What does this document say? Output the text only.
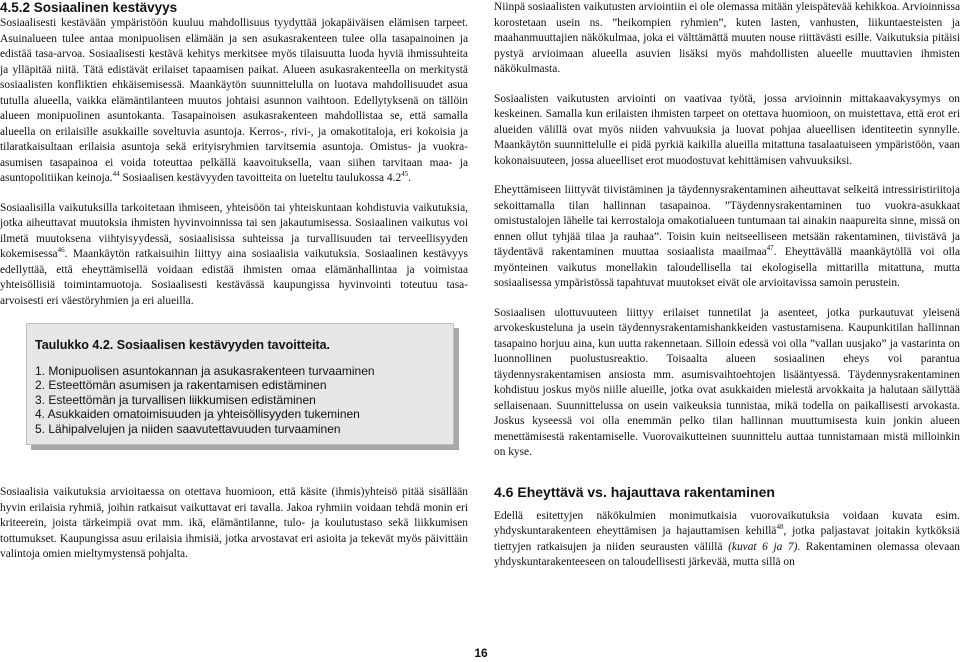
4.5.2 Sosiaalinen kestävyys

Sosiaalisesti kestävään ympäristöön kuuluu mahdollisuus tyydyttää jokapäiväisen elämisen tarpeet. Asuinalueen tulee antaa monipuolisen elämään ja sen asukasrakenteen tulee olla tasapainoinen ja edistää tasa-arvoa. Sosiaalisesti kestävä kehitys merkitsee myös tilaisuutta luoda hyviä ihmissuhteita ja ylläpitää niitä. Tätä edistävät erilaiset tapaamisen paikat. Alueen asukasrakenteella on merkitystä sosiaalisten konfliktien ehkäisemisessä. Maankäytön suunnittelulla on luotava mahdollisuudet asua tutulla alueella, vaikka elämäntilanteen muutos johtaisi asunnon vaihtoon. Edellytyksenä on tällöin alueen monipuolinen asuntokanta. Tasapainoisen asukasrakenteen mahdollistaa se, että samalla alueella on erilaisille asukkaille soveltuvia asuntoja. Kerros-, rivi-, ja omakotitaloja, eri kokoisia ja tilaratkaisultaan erilaisia asuntoja sekä erityisryhmien tarvitsemia asuntoja. Omistus- ja vuokra-asumisen tasapainoa ei voida toteuttaa pelkällä kaavoituksella, vaan siihen tarvitaan maa- ja asuntopolitiikan keinoja.$^{44}$ Sosiaalisen kestävyyden tavoitteita on lueteltu taulukossa $4.2^{45}$.

Sosiaalisilla vaikutuksilla tarkoitetaan ihmiseen, yhteisöön tai yhteiskuntaan kohdistuvia vaikutuksia, jotka aiheuttavat muutoksia ihmisten hyvinvoinnissa tai sen jakautumisessa. Sosiaalinen vaikutus voi ilmetä muutoksena viihtyisyydessä, sosiaalisissa suhteissa ja turvallisuuden tai terveellisyyden kokemisessa$^{46}$. Maankäytön ratkaisuihin liittyy aina sosiaalisia vaikutuksia. Sosiaalinen kestävyys edellyttää, että eheyttämisellä voidaan edistää ihmisten omaa elämänhallintaa ja voimistaa yhteisöllisiä toimintamuotoja. Sosiaalisesti kestävässä kaupungissa hyvinvointi toteutuu tasa-arvoisesti eri väestöryhmien ja eri alueilla.

Taulukko 4.2. Sosiaalisen kestävyyden tavoitteita.
1. Monipuolisen asuntokannan ja asukasrakenteen turvaaminen
2. Esteettömän asumisen ja rakentamisen edistäminen
3. Esteettömän ja turvallisen liikkumisen edistäminen
4. Asukkaiden omatoimisuuden ja yhteisöllisyyden tukeminen
5. Lähipalvelujen ja niiden saavutettavuuden turvaaminen

Sosiaalisia vaikutuksia arvioitaessa on otettava huomioon, että käsite (ihmis)yhteisö pitää sisällään hyvin erilaisia ryhmiä, joihin ratkaisut vaikuttavat eri tavalla. Jakoa ryhmiin voidaan tehdä monin eri kriteerein, joista tärkeimpiä ovat mm. ikä, elämäntilanne, tulo- ja koulutustaso sekä liikkumisen tottumukset. Kaupungissa asuu erilaisia ihmisiä, jotka arvostavat eri asioita ja tekevät myös päivittäin valintoja omien mieltymystensä pohjalta.

Niinpä sosiaalisten vaikutusten arviointiin ei ole olemassa mitään yleispätevää kehikkoa. Arvioinnissa korostetaan usein ns. ”heikompien ryhmien”, kuten lasten, vanhusten, liikuntaesteisten ja maahanmuuttajien näkökulmaa, joka ei välttämättä muuten nouse riittävästi esille. Vaikutuksia pitäisi pystyä arvioimaan alueella asuvien lisäksi myös mahdollisten alueelle muuttavien ihmisten näkökulmasta.

Sosiaalisten vaikutusten arviointi on vaativaa työtä, jossa arvioinnin mittakaavakysymys on keskeinen. Samalla kun erilaisten ihmisten tarpeet on otettava huomioon, on muistettava, että erot eri alueiden välillä ovat myös niiden vahvuuksia ja luovat pohjaa alueellisen identiteetin synnylle. Maankäytön suunnittelulle ei pidä pyrkiä kaikilla alueilla mitattuna tasalaatuiseen ympäristöön, vaan kokonaisuuteen, jossa alueelliset erot muodostuvat kehittämisen vahvuuksiksi.

Eheyttämiseen liittyvät tiivistäminen ja täydennysrakentaminen aiheuttavat selkeitä intressiristiriitoja sekoittamalla tilan hallinnan tasapainoa. ”Täydennysrakentaminen tuo vuokra-asukkaat omistustalojen lähelle tai kerrostaloja omakotialueen tuntumaan tai ainakin naapureita sinne, missä on ennen ollut tyhjää tilaa ja rauhaa”. Toisin kuin neitseelliseen metsään rakentaminen, tiivistävä ja täydentävä rakentaminen muuttaa sosiaalista maailmaa$^{47}$. Eheyttävällä maankäytöllä voi olla myönteinen vaikutus monellakin taloudellisella tai ekologisella mittarilla mitattuna, mutta sosiaalisessa ympäristössä tapahtuvat muutokset eivät ole arvioitavissa samoin perustein.

Sosiaalisen ulottuvuuteen liittyy erilaiset tunnetilat ja asenteet, jotka purkautuvat yleisenä arvokeskusteluna ja usein täydennysrakentamishankkeiden vastustamisena. Kaupunkitilan hallinnan tasapaino horjuu aina, kun uutta rakennetaan. Silloin edessä voi olla ”vallan uusjako” ja vastarinta on luonnollinen puolustusreaktio. Toisaalta alueen sosiaalinen eheys voi parantua täydennysrakentamisen ansiosta mm. asumisvaihtoehtojen lisääntyessä. Täydennysrakentaminen kohdistuu joskus myös niille alueille, jotka ovat asukkaiden mielestä arvokkaita ja halutaan säilyttää sellaisenaan. Suunnittelussa on usein vaikeuksia tunnistaa, mikä todella on paikallisesti arvokasta. Joskus kyseessä voi olla enemmän pelko tilan hallinnan muuttumisesta kuin jonkin alueen menettämisestä rakentamiselle. Vuorovaikutteinen suunnittelu auttaa tunnistamaan mistä milloinkin on kyse.

4.6 Eheyttävä vs. hajauttava rakentaminen

Edellä esitettyjen näkökulmien monimutkaisia vuorovaikutuksia voidaan kuvata esim. yhdyskuntarakenteen eheyttämisen ja hajauttamisen kehillä$^{48}$, jotka paljastavat joitakin kytköksiä tiettyjen ratkaisujen ja niiden seurausten välillä (kuvat 6 ja 7). Rakentaminen olemassa olevaan yhdyskuntarakenteeseen on taloudellisesti järkevää, mutta sillä on

16
